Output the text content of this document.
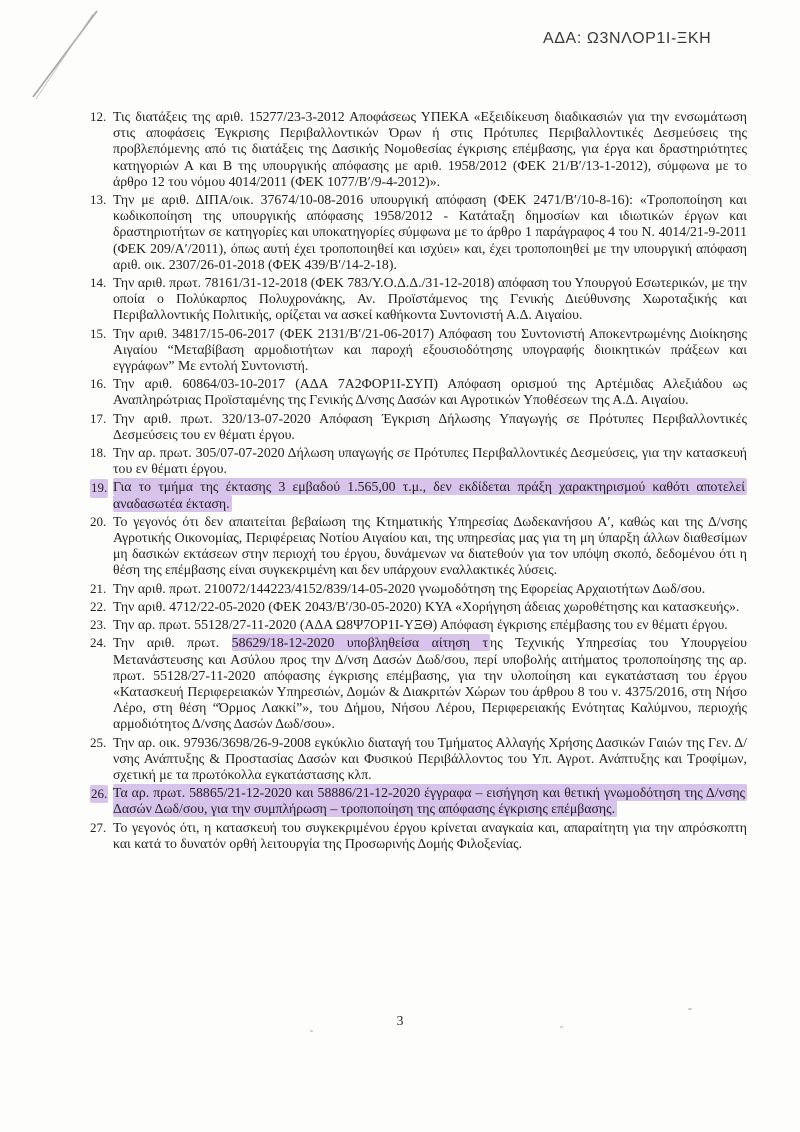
ΑΔΑ: Ω3ΝΛΟΡ1Ι-ΞΚΗ
12. Τις διατάξεις της αριθ. 15277/23-3-2012 Αποφάσεως ΥΠΕΚΑ «Εξειδίκευση διαδικασιών για την ενσωμάτωση στις αποφάσεις Έγκρισης Περιβαλλοντικών Όρων ή στις Πρότυπες Περιβαλλοντικές Δεσμεύσεις της προβλεπόμενης από τις διατάξεις της Δασικής Νομοθεσίας έγκρισης επέμβασης, για έργα και δραστηριότητες κατηγοριών Α και Β της υπουργικής απόφασης με αριθ. 1958/2012 (ΦΕΚ 21/Β′/13-1-2012), σύμφωνα με το άρθρο 12 του νόμου 4014/2011 (ΦΕΚ 1077/Β′/9-4-2012)».
13. Την με αριθ. ΔΙΠΑ/οικ. 37674/10-08-2016 υπουργική απόφαση (ΦΕΚ 2471/Β′/10-8-16): «Τροποποίηση και κωδικοποίηση της υπουργικής απόφασης 1958/2012 - Κατάταξη δημοσίων και ιδιωτικών έργων και δραστηριοτήτων σε κατηγορίες και υποκατηγορίες σύμφωνα με το άρθρο 1 παράγραφος 4 του Ν. 4014/21-9-2011 (ΦΕΚ 209/Α′/2011), όπως αυτή έχει τροποποιηθεί και ισχύει» και, έχει τροποποιηθεί με την υπουργική απόφαση αριθ. οικ. 2307/26-01-2018 (ΦΕΚ 439/Β′/14-2-18).
14. Την αριθ. πρωτ. 78161/31-12-2018 (ΦΕΚ 783/Υ.Ο.Δ.Δ./31-12-2018) απόφαση του Υπουργού Εσωτερικών, με την οποία ο Πολύκαρπος Πολυχρονάκης, Αν. Προϊστάμενος της Γενικής Διεύθυνσης Χωροταξικής και Περιβαλλοντικής Πολιτικής, ορίζεται να ασκεί καθήκοντα Συντονιστή Α.Δ. Αιγαίου.
15. Την αριθ. 34817/15-06-2017 (ΦΕΚ 2131/Β′/21-06-2017) Απόφαση του Συντονιστή Αποκεντρωμένης Διοίκησης Αιγαίου “Μεταβίβαση αρμοδιοτήτων και παροχή εξουσιοδότησης υπογραφής διοικητικών πράξεων και εγγράφων” Με εντολή Συντονιστή.
16. Την αριθ. 60864/03-10-2017 (ΑΔΑ 7Α2ΦΟΡ1Ι-ΣΥΠ) Απόφαση ορισμού της Αρτέμιδας Αλεξιάδου ως Αναπληρώτριας Προϊσταμένης της Γενικής Δ/νσης Δασών και Αγροτικών Υποθέσεων της Α.Δ. Αιγαίου.
17. Την αριθ. πρωτ. 320/13-07-2020 Απόφαση Έγκριση Δήλωσης Υπαγωγής σε Πρότυπες Περιβαλλοντικές Δεσμεύσεις του εν θέματι έργου.
18. Την αρ. πρωτ. 305/07-07-2020 Δήλωση υπαγωγής σε Πρότυπες Περιβαλλοντικές Δεσμεύσεις, για την κατασκευή του εν θέματι έργου.
19. Για το τμήμα της έκτασης 3 εμβαδού 1.565,00 τ.μ., δεν εκδίδεται πράξη χαρακτηρισμού καθότι αποτελεί αναδασωτέα έκταση.
20. Το γεγονός ότι δεν απαιτείται βεβαίωση της Κτηματικής Υπηρεσίας Δωδεκανήσου Α′, καθώς και της Δ/νσης Αγροτικής Οικονομίας, Περιφέρειας Νοτίου Αιγαίου και, της υπηρεσίας μας για τη μη ύπαρξη άλλων διαθεσίμων μη δασικών εκτάσεων στην περιοχή του έργου, δυνάμενων να διατεθούν για τον υπόψη σκοπό, δεδομένου ότι η θέση της επέμβασης είναι συγκεκριμένη και δεν υπάρχουν εναλλακτικές λύσεις.
21. Την αριθ. πρωτ. 210072/144223/4152/839/14-05-2020 γνωμοδότηση της Εφορείας Αρχαιοτήτων Δωδ/σου.
22. Την αριθ. 4712/22-05-2020 (ΦΕΚ 2043/Β′/30-05-2020) ΚΥΑ «Χορήγηση άδειας χωροθέτησης και κατασκευής».
23. Την αρ. πρωτ. 55128/27-11-2020 (ΑΔΑ Ω8Ψ7ΟΡ1Ι-ΥΞΘ) Απόφαση έγκρισης επέμβασης του εν θέματι έργου.
24. Την αριθ. πρωτ. 58629/18-12-2020 υποβληθείσα αίτηση τ ης Τεχνικής Υπηρεσίας του Υπουργείου Μετανάστευσης και Ασύλου προς την Δ/νση Δασών Δωδ/σου, περί υποβολής αιτήματος τροποποίησης της αρ. πρωτ. 55128/27-11-2020 απόφασης έγκρισης επέμβασης, για την υλοποίηση και εγκατάσταση του έργου «Κατασκευή Περιφερειακών Υπηρεσιών, Δομών & Διακριτών Χώρων του άρθρου 8 του ν. 4375/2016, στη Νήσο Λέρο, στη θέση “Όρμος Λακκί”», του Δήμου, Νήσου Λέρου, Περιφερειακής Ενότητας Καλύμνου, περιοχής αρμοδιότητος Δ/νσης Δασών Δωδ/σου».
25. Την αρ. οικ. 97936/3698/26-9-2008 εγκύκλιο διαταγή του Τμήματος Αλλαγής Χρήσης Δασικών Γαιών της Γεν. Δ/νσης Ανάπτυξης & Προστασίας Δασών και Φυσικού Περιβάλλοντος του Υπ. Αγροτ. Ανάπτυξης και Τροφίμων, σχετική με τα πρωτόκολλα εγκατάστασης κλπ.
26. Τα αρ. πρωτ. 58865/21-12-2020 και 58886/21-12-2020 έγγραφα – εισήγηση και θετική γνωμοδότηση της Δ/νσης Δασών Δωδ/σου, για την συμπλήρωση – τροποποίηση της απόφασης έγκρισης επέμβασης.
27. Το γεγονός ότι, η κατασκευή του συγκεκριμένου έργου κρίνεται αναγκαία και, απαραίτητη για την απρόσκοπτη και κατά το δυνατόν ορθή λειτουργία της Προσωρινής Δομής Φιλοξενίας.
3
